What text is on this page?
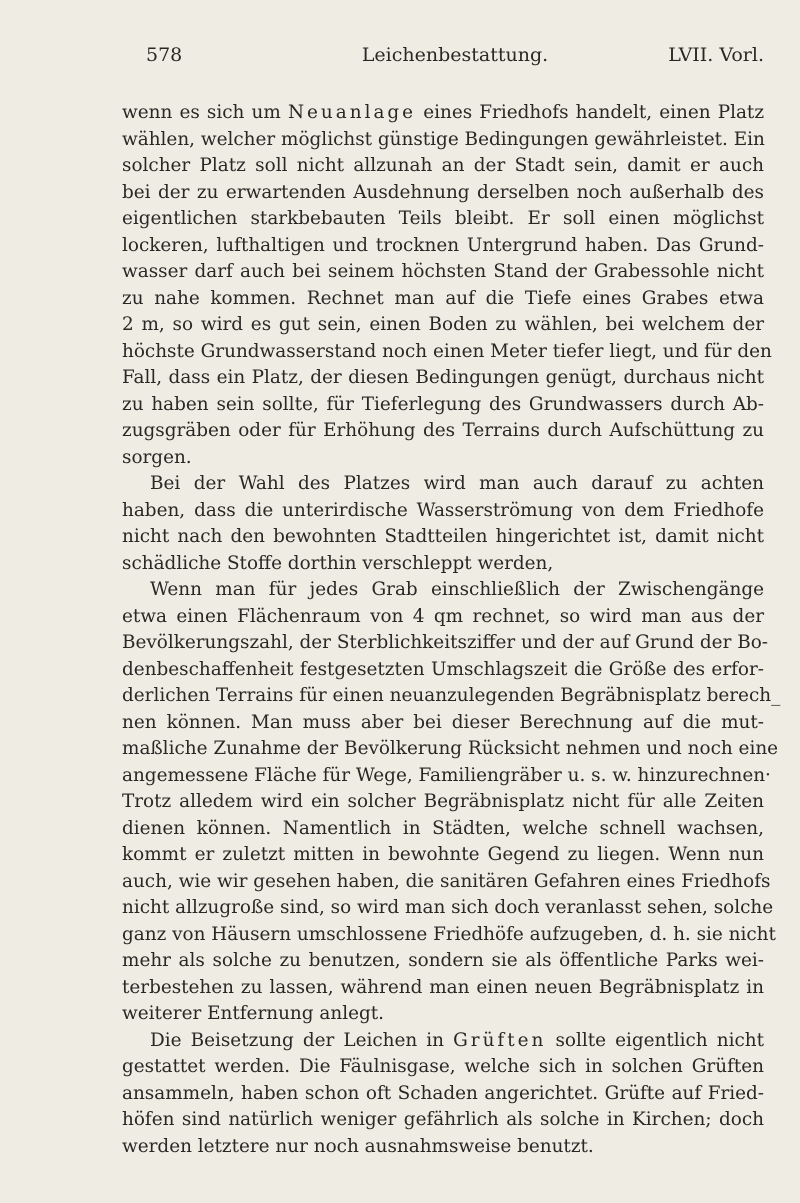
578	Leichenbestattung.	LVII. Vorl.
wenn es sich um Neuanlage eines Friedhofs handelt, einen Platz
wählen, welcher möglichst günstige Bedingungen gewährleistet. Ein
solcher Platz soll nicht allzunah an der Stadt sein, damit er auch
bei der zu erwartenden Ausdehnung derselben noch außerhalb des
eigentlichen starkbebauten Teils bleibt. Er soll einen möglichst
lockeren, lufthaltigen und trocknen Untergrund haben. Das Grund-
wasser darf auch bei seinem höchsten Stand der Grabessohle nicht
zu nahe kommen. Rechnet man auf die Tiefe eines Grabes etwa
2 m, so wird es gut sein, einen Boden zu wählen, bei welchem der
höchste Grundwasserstand noch einen Meter tiefer liegt, und für den
Fall, dass ein Platz, der diesen Bedingungen genügt, durchaus nicht
zu haben sein sollte, für Tieferlegung des Grundwassers durch Ab-
zugsgräben oder für Erhöhung des Terrains durch Aufschüttung zu
sorgen.
Bei der Wahl des Platzes wird man auch darauf zu achten
haben, dass die unterirdische Wasserströmung von dem Friedhofe
nicht nach den bewohnten Stadtteilen hingerichtet ist, damit nicht
schädliche Stoffe dorthin verschleppt werden,
Wenn man für jedes Grab einschließlich der Zwischengänge
etwa einen Flächenraum von 4 qm rechnet, so wird man aus der
Bevölkerungszahl, der Sterblichkeitsziffer und der auf Grund der Bo-
denbeschaffenheit festgesetzten Umschlagszeit die Größe des erfor-
derlichen Terrains für einen neuanzulegenden Begräbnisplatz berech_
nen können. Man muss aber bei dieser Berechnung auf die mut-
maßliche Zunahme der Bevölkerung Rücksicht nehmen und noch eine
angemessene Fläche für Wege, Familiengräber u. s. w. hinzurechnen·
Trotz alledem wird ein solcher Begräbnisplatz nicht für alle Zeiten
dienen können. Namentlich in Städten, welche schnell wachsen,
kommt er zuletzt mitten in bewohnte Gegend zu liegen. Wenn nun
auch, wie wir gesehen haben, die sanitären Gefahren eines Friedhofs
nicht allzugroße sind, so wird man sich doch veranlasst sehen, solche
ganz von Häusern umschlossene Friedhöfe aufzugeben, d. h. sie nicht
mehr als solche zu benutzen, sondern sie als öffentliche Parks wei-
terbestehen zu lassen, während man einen neuen Begräbnisplatz in
weiterer Entfernung anlegt.
Die Beisetzung der Leichen in Grüften sollte eigentlich nicht
gestattet werden. Die Fäulnisgase, welche sich in solchen Grüften
ansammeln, haben schon oft Schaden angerichtet. Grüfte auf Fried-
höfen sind natürlich weniger gefährlich als solche in Kirchen; doch
werden letztere nur noch ausnahmsweise benutzt.
